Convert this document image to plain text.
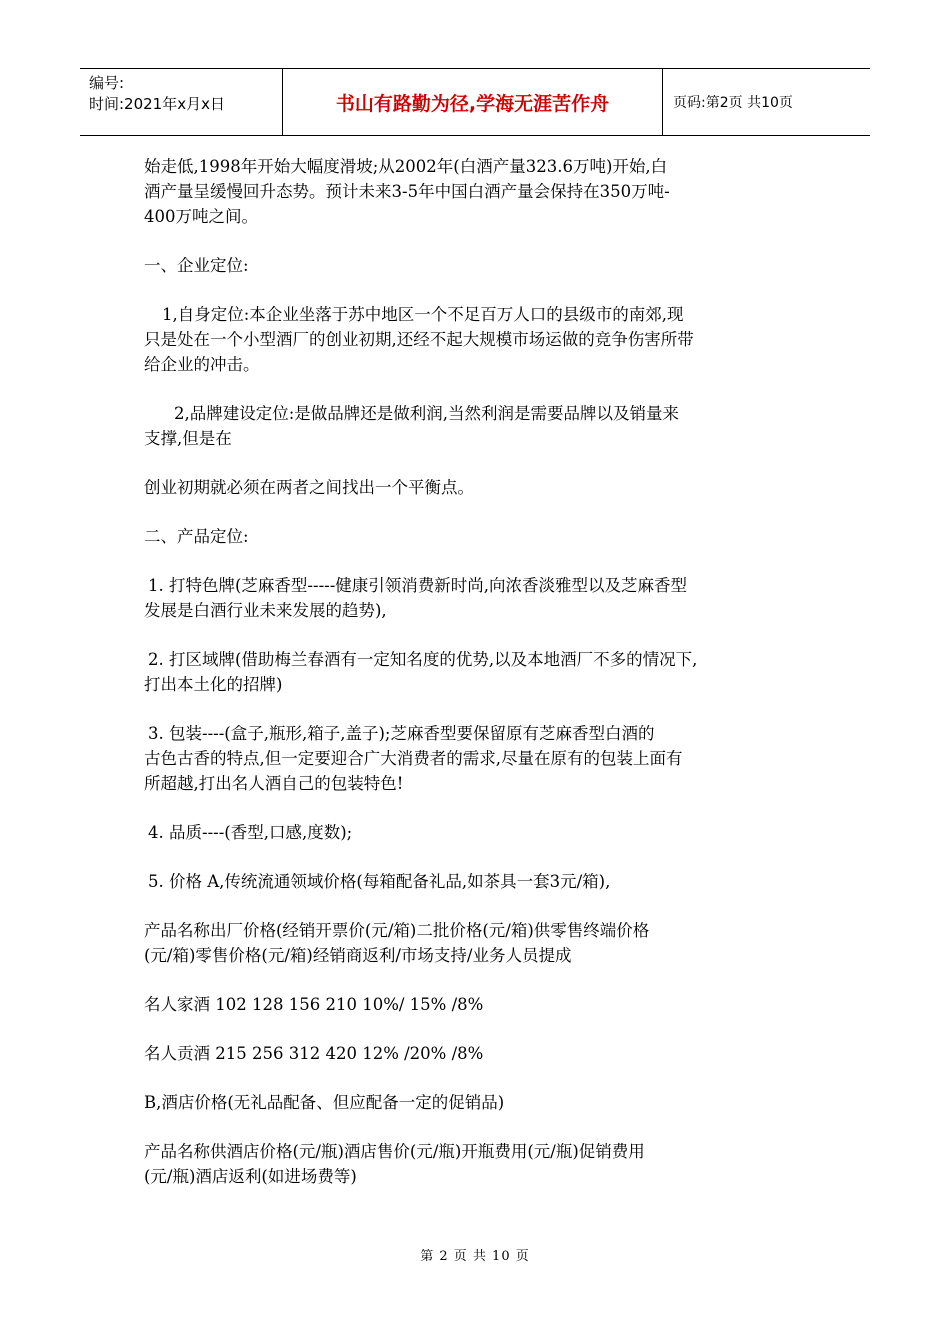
编号:
时间:2021年x月x日	书山有路勤为径,学海无涯苦作舟	页码:第2页 共10页

始走低,1998年开始大幅度滑坡;从2002年(白酒产量323.6万吨)开始,白

酒产量呈缓慢回升态势。预计未来3-5年中国白酒产量会保持在350万吨-

400万吨之间。

一、企业定位:

1,自身定位:本企业坐落于苏中地区一个不足百万人口的县级市的南郊,现

只是处在一个小型酒厂的创业初期,还经不起大规模市场运做的竞争伤害所带

给企业的冲击。

2,品牌建设定位:是做品牌还是做利润,当然利润是需要品牌以及销量来

支撑,但是在

创业初期就必须在两者之间找出一个平衡点。

二、产品定位:

1. 打特色牌(芝麻香型-----健康引领消费新时尚,向浓香淡雅型以及芝麻香型

发展是白酒行业未来发展的趋势),

2. 打区域牌(借助梅兰春酒有一定知名度的优势,以及本地酒厂不多的情况下,

打出本土化的招牌)

3. 包装----(盒子,瓶形,箱子,盖子);芝麻香型要保留原有芝麻香型白酒的

古色古香的特点,但一定要迎合广大消费者的需求,尽量在原有的包装上面有

所超越,打出名人酒自己的包装特色!

4. 品质----(香型,口感,度数);

5. 价格 A,传统流通领域价格(每箱配备礼品,如茶具一套3元/箱),

产品名称出厂价格(经销开票价(元/箱)二批价格(元/箱)供零售终端价格

(元/箱)零售价格(元/箱)经销商返利/市场支持/业务人员提成

名人家酒 102 128 156 210 10%/ 15% /8%

名人贡酒 215 256 312 420 12% /20% /8%

B,酒店价格(无礼品配备、但应配备一定的促销品)

产品名称供酒店价格(元/瓶)酒店售价(元/瓶)开瓶费用(元/瓶)促销费用

(元/瓶)酒店返利(如进场费等)

第 2 页 共 10 页
